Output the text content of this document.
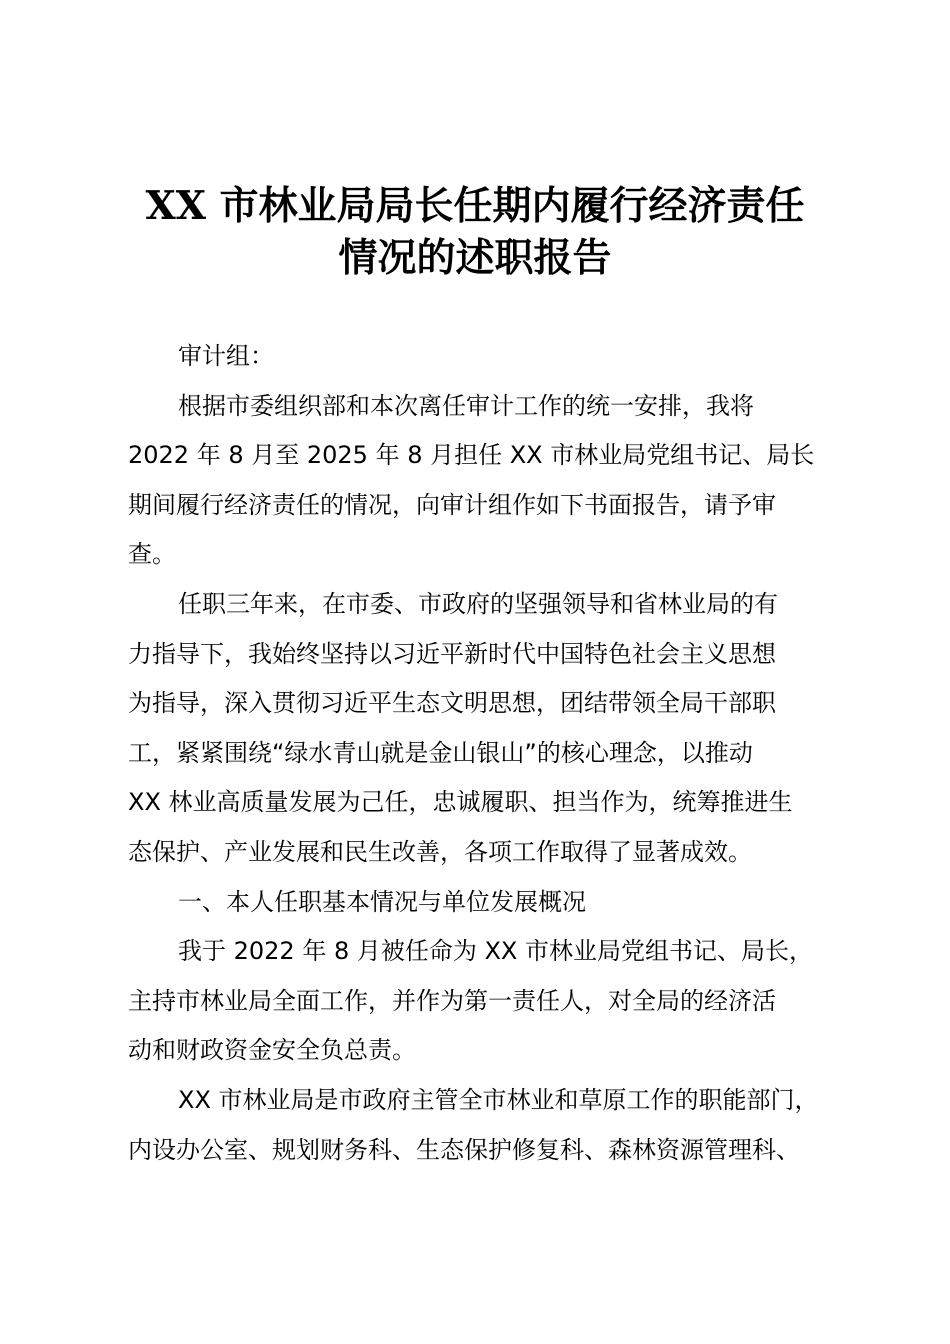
XX 市林业局局长任期内履行经济责任
情况的述职报告
审计组：
根据市委组织部和本次离任审计工作的统一安排，我将
2022 年 8 月至 2025 年 8 月担任 XX 市林业局党组书记、局长
期间履行经济责任的情况，向审计组作如下书面报告，请予审
查。
任职三年来，在市委、市政府的坚强领导和省林业局的有
力指导下，我始终坚持以习近平新时代中国特色社会主义思想
为指导，深入贯彻习近平生态文明思想，团结带领全局干部职
工，紧紧围绕“绿水青山就是金山银山”的核心理念，以推动
XX 林业高质量发展为己任，忠诚履职、担当作为，统筹推进生
态保护、产业发展和民生改善，各项工作取得了显著成效。
一、本人任职基本情况与单位发展概况
我于 2022 年 8 月被任命为 XX 市林业局党组书记、局长，
主持市林业局全面工作，并作为第一责任人，对全局的经济活
动和财政资金安全负总责。
XX 市林业局是市政府主管全市林业和草原工作的职能部门，
内设办公室、规划财务科、生态保护修复科、森林资源管理科、
